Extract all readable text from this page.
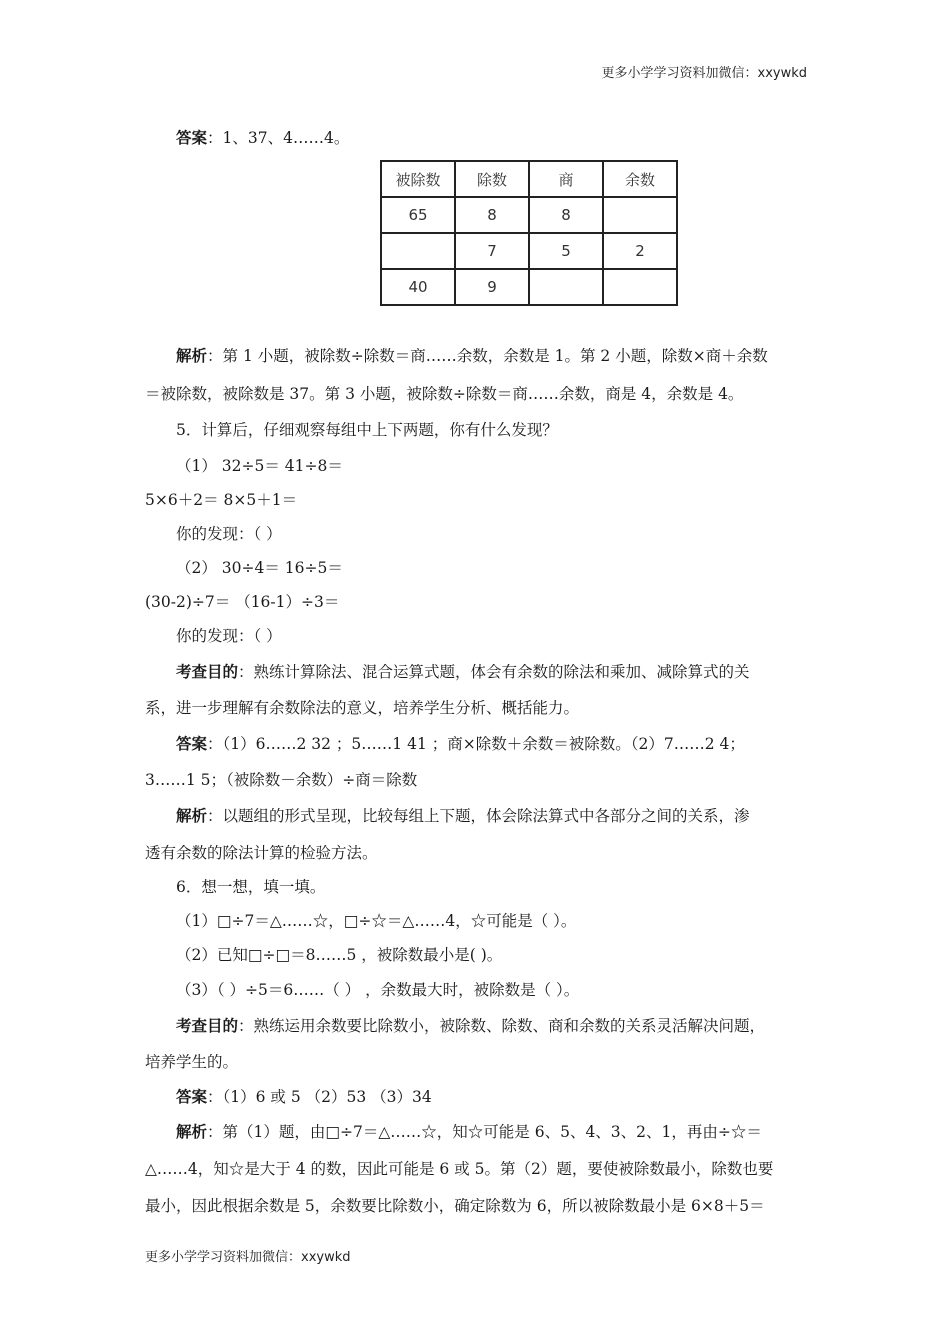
更多小学学习资料加微信：xxywkd
答案：1、37、4……4。
被除数	除数	商	余数
65	8	8	
	7	5	2
40	9		
解析：第 1 小题，被除数÷除数＝商……余数，余数是 1。第 2 小题，除数×商＋余数
＝被除数，被除数是 37。第 3 小题，被除数÷除数＝商……余数，商是 4，余数是 4。
5．计算后，仔细观察每组中上下两题，你有什么发现？
（1） 32÷5＝ 41÷8＝
5×6＋2＝ 8×5＋1＝
你的发现：（ ）
（2） 30÷4＝ 16÷5＝
(30-2)÷7＝ （16-1）÷3＝
你的发现：（ ）
考查目的：熟练计算除法、混合运算式题，体会有余数的除法和乘加、减除算式的关
系，进一步理解有余数除法的意义，培养学生分析、概括能力。
答案：（1）6……2 32 ；5……1 41 ；商×除数＋余数＝被除数。（2）7……2 4；
3……1 5；（被除数－余数）÷商＝除数
解析：以题组的形式呈现，比较每组上下题，体会除法算式中各部分之间的关系，渗
透有余数的除法计算的检验方法。
6．想一想，填一填。
（1）□÷7＝△……☆，□÷☆＝△……4，☆可能是（ ）。
（2）已知□÷□＝8……5 ，被除数最小是( )。
（3）（ ）÷5＝6……（ ） ，余数最大时，被除数是（ ）。
考查目的：熟练运用余数要比除数小，被除数、除数、商和余数的关系灵活解决问题，
培养学生的。
答案：（1）6 或 5 （2）53 （3）34
解析：第（1）题，由□÷7＝△……☆，知☆可能是 6、5、4、3、2、1，再由÷☆＝
△……4，知☆是大于 4 的数，因此可能是 6 或 5。第（2）题，要使被除数最小，除数也要
最小，因此根据余数是 5，余数要比除数小，确定除数为 6，所以被除数最小是 6×8＋5＝
更多小学学习资料加微信：xxywkd
